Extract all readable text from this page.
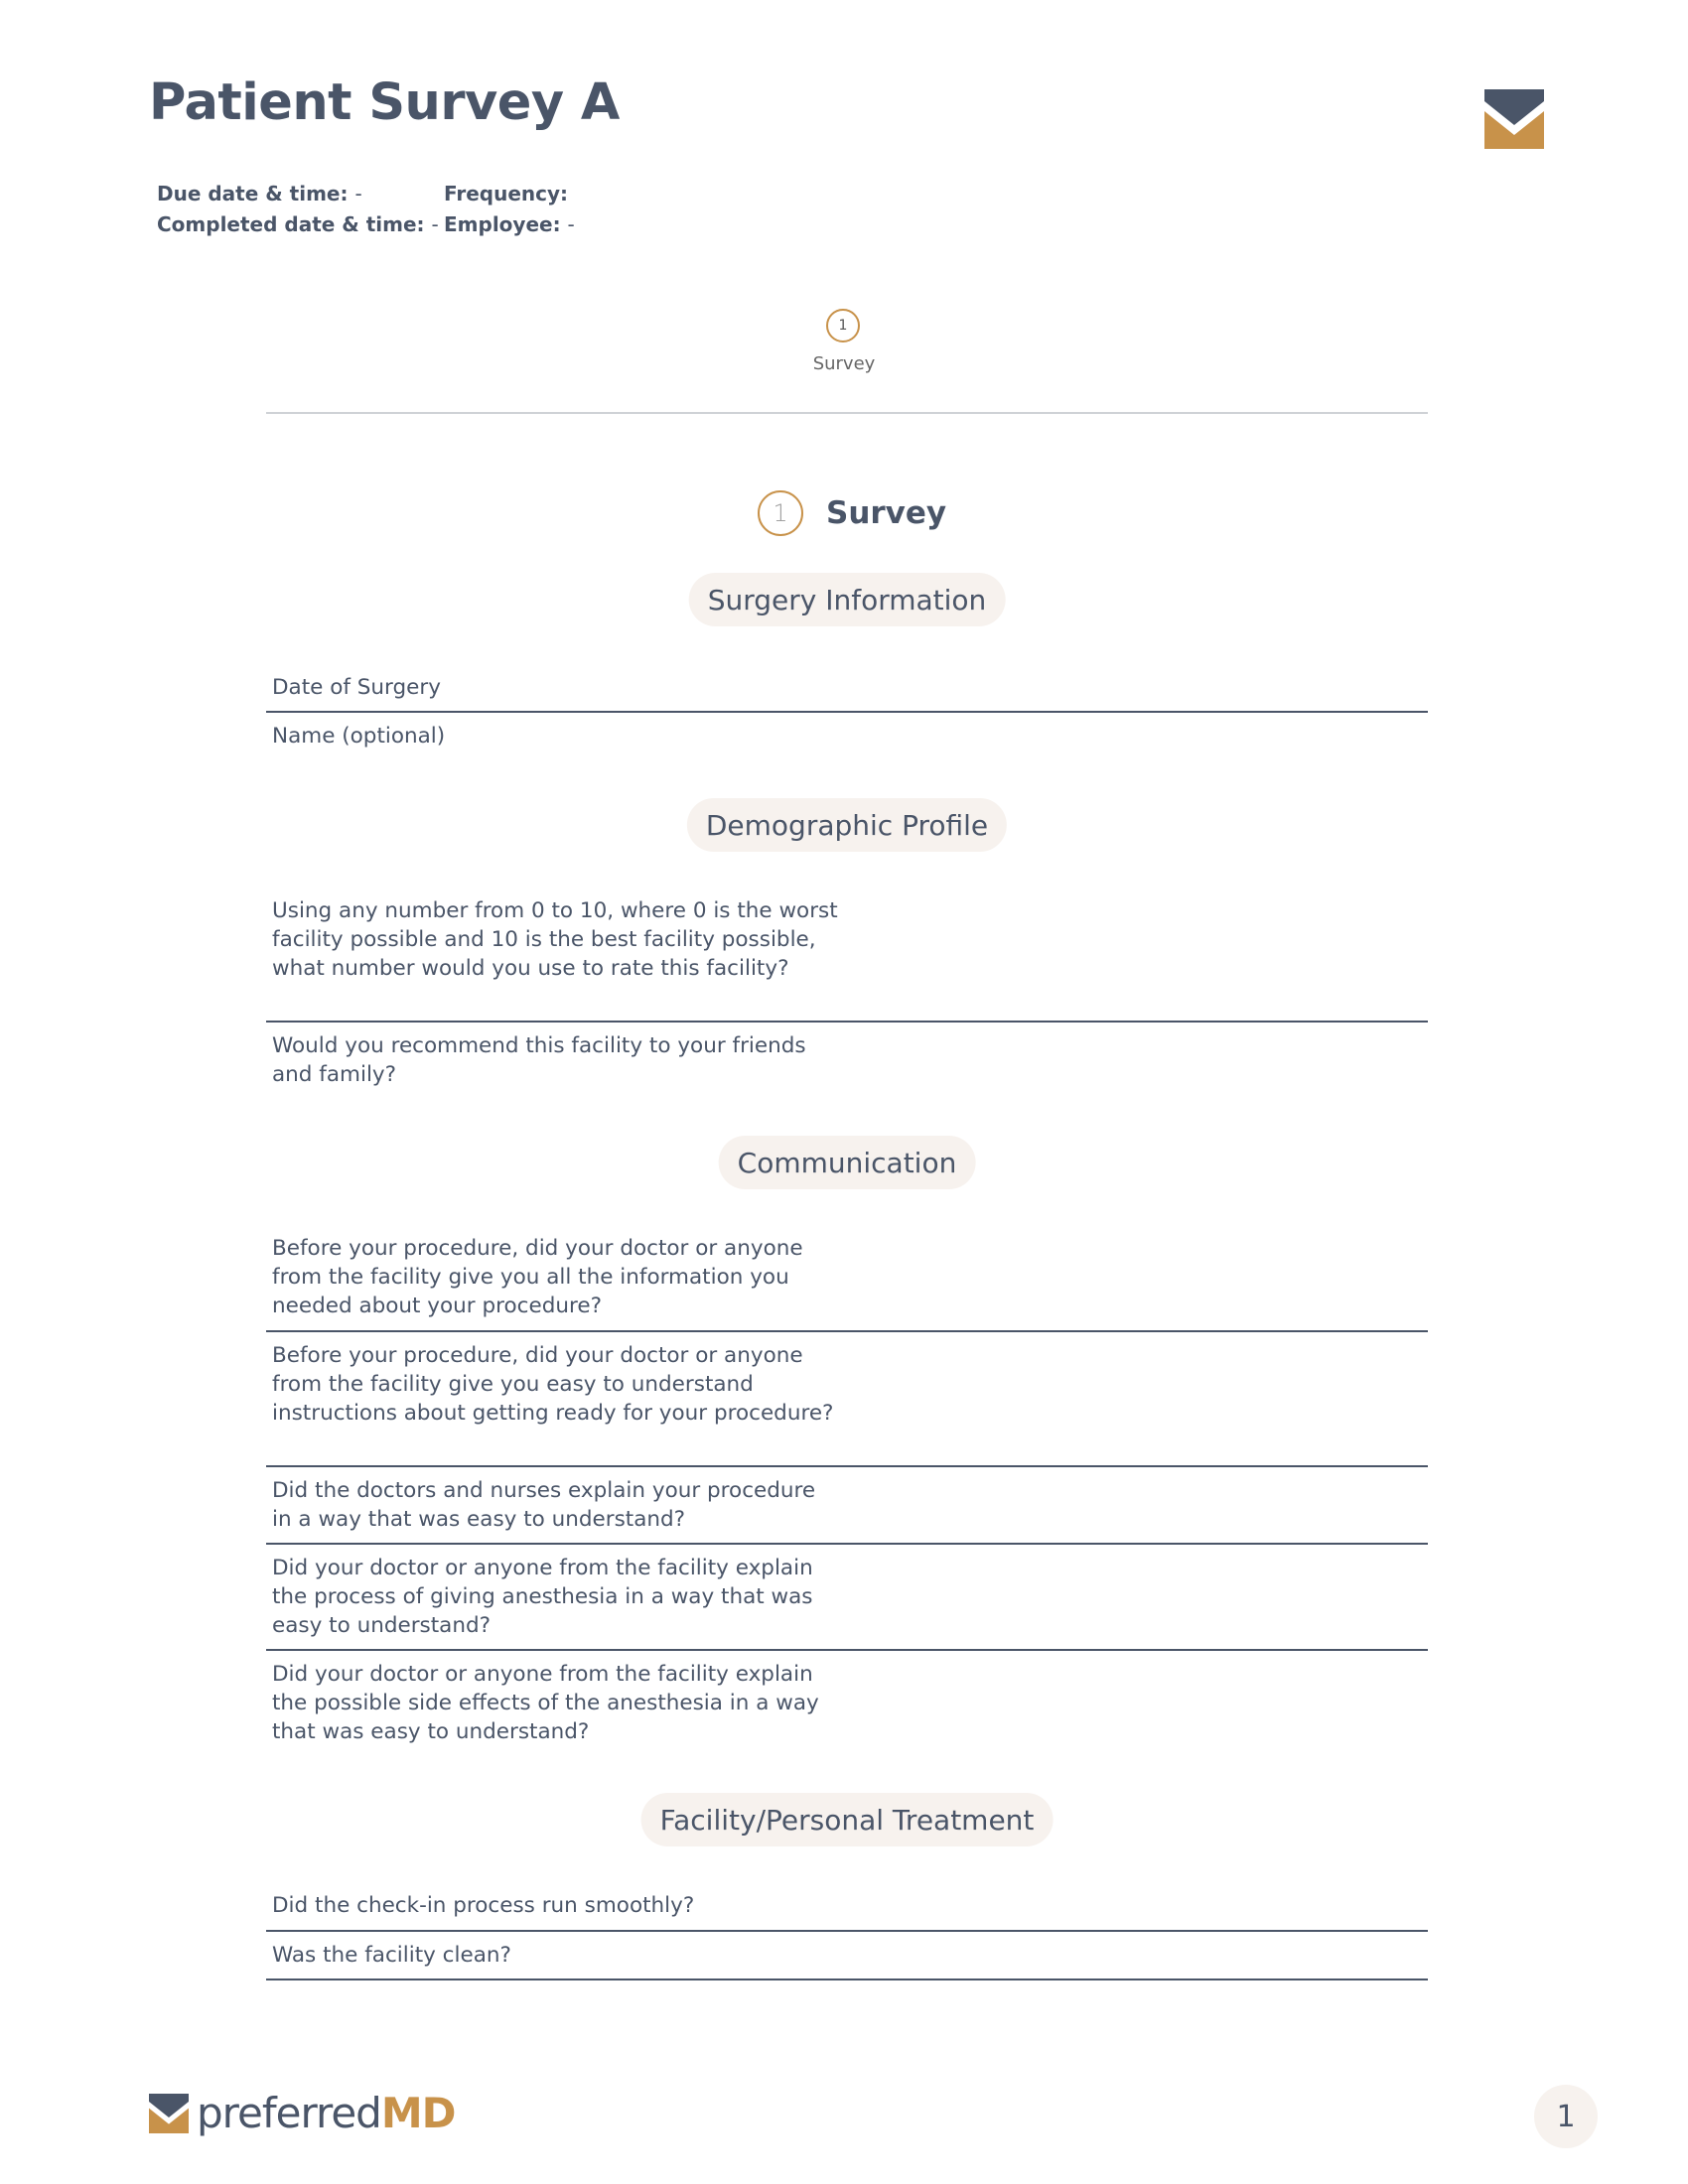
Patient Survey A
Due date & time: -
Completed date & time: -
Frequency:
Employee: -
1
Survey
1	Survey
Surgery Information
Date of Surgery
Name (optional)
Demographic Profile
Using any number from 0 to 10, where 0 is the worst facility possible and 10 is the best facility possible, what number would you use to rate this facility?
Would you recommend this facility to your friends and family?
Communication
Before your procedure, did your doctor or anyone from the facility give you all the information you needed about your procedure?
Before your procedure, did your doctor or anyone from the facility give you easy to understand instructions about getting ready for your procedure?
Did the doctors and nurses explain your procedure in a way that was easy to understand?
Did your doctor or anyone from the facility explain the process of giving anesthesia in a way that was easy to understand?
Did your doctor or anyone from the facility explain the possible side effects of the anesthesia in a way that was easy to understand?
Facility/Personal Treatment
Did the check-in process run smoothly?
Was the facility clean?
preferredMD	1
